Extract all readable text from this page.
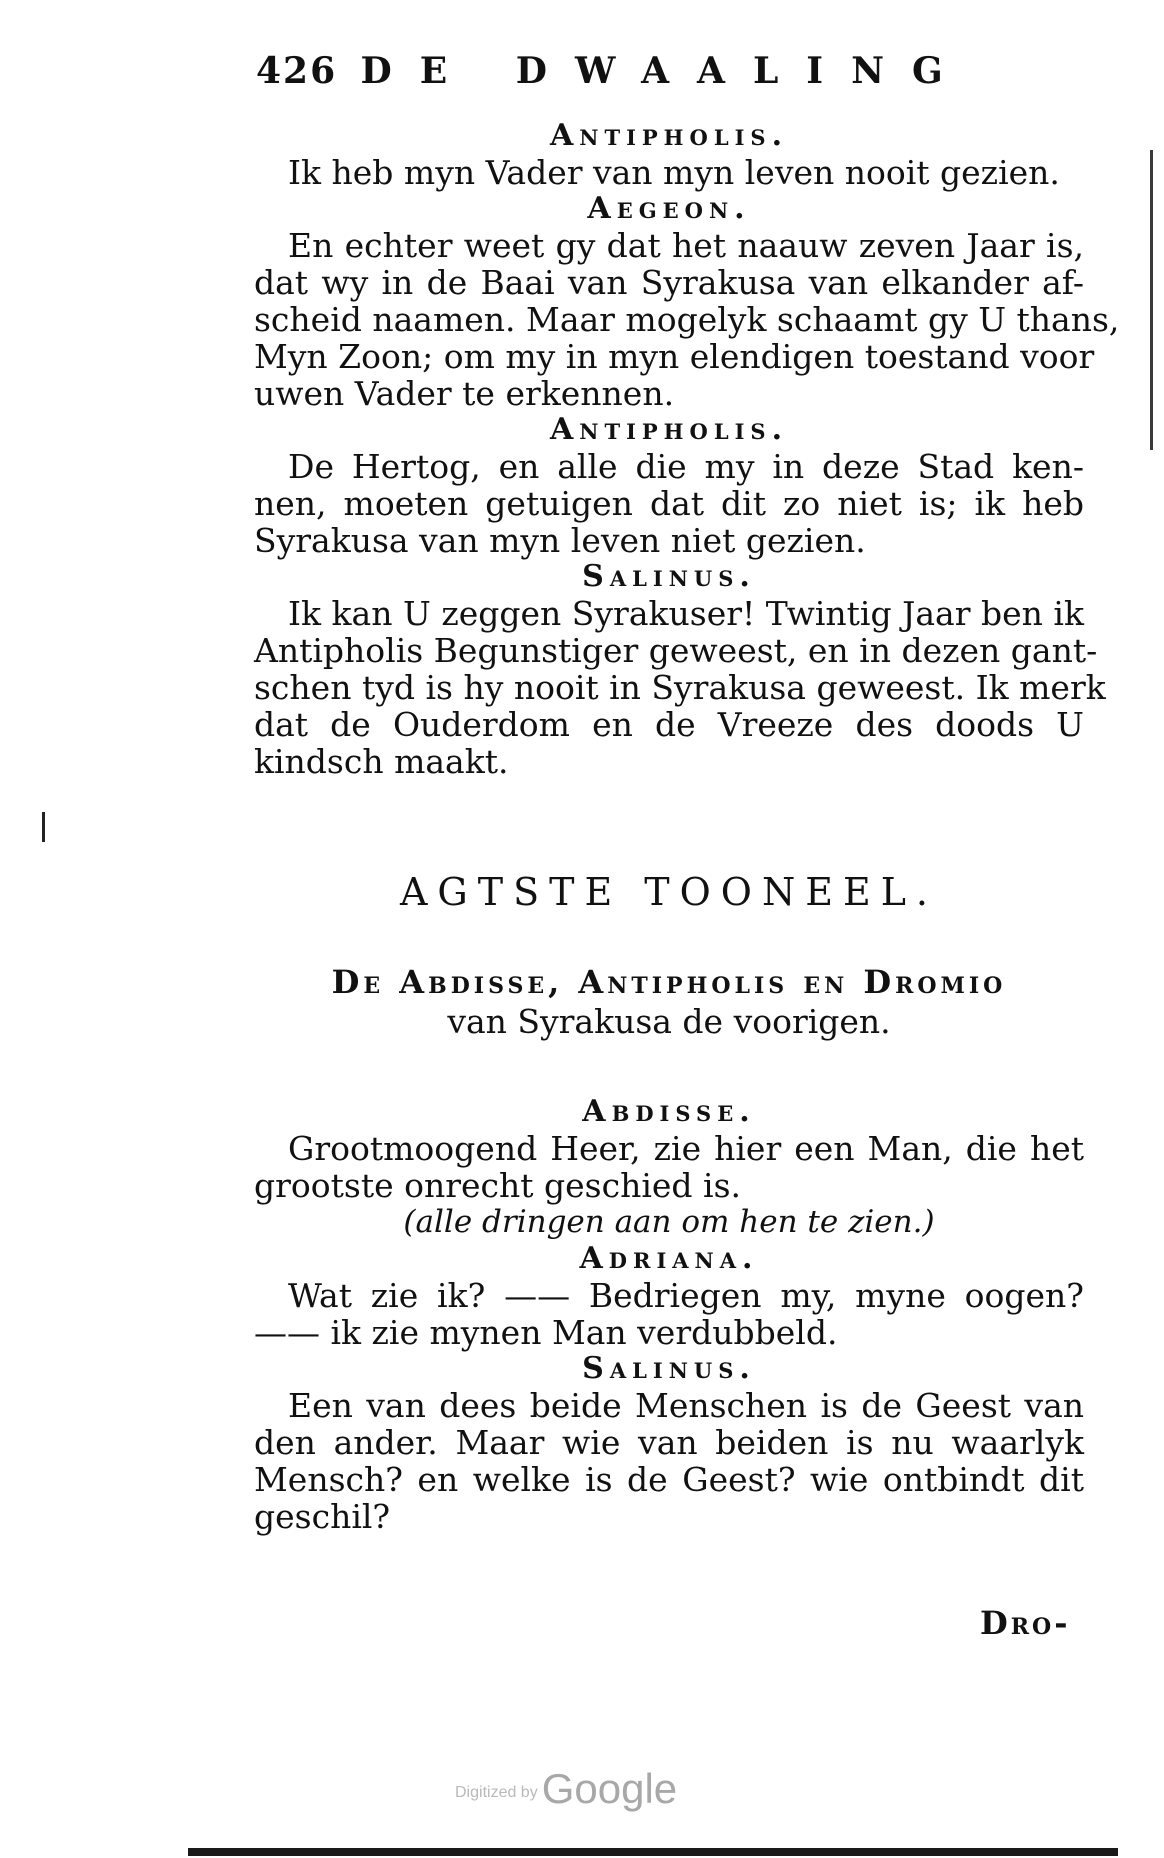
426 DE DWAALING

Antipholis.

Ik heb myn Vader van myn leven nooit gezien.

Aegeon.

En echter weet gy dat het naauw zeven Jaar is,

dat wy in de Baai van Syrakusa van elkander af-

scheid naamen. Maar mogelyk schaamt gy U thans,

Myn Zoon; om my in myn elendigen toestand voor

uwen Vader te erkennen.

Antipholis.

De Hertog, en alle die my in deze Stad ken-

nen, moeten getuigen dat dit zo niet is; ik heb

Syrakusa van myn leven niet gezien.

Salinus.

Ik kan U zeggen Syrakuser! Twintig Jaar ben ik

Antipholis Begunstiger geweest, en in dezen gant-

schen tyd is hy nooit in Syrakusa geweest. Ik merk

dat de Ouderdom en de Vreeze des doods U

kindsch maakt.

AGTSTE TOONEEL.

De Abdisse, Antipholis en Dromio
van Syrakusa de voorigen.

Abdisse.

Grootmoogend Heer, zie hier een Man, die het

grootste onrecht geschied is.

(alle dringen aan om hen te zien.)

Adriana.

Wat zie ik? —— Bedriegen my, myne oogen?

—— ik zie mynen Man verdubbeld.

Salinus.

Een van dees beide Menschen is de Geest van

den ander. Maar wie van beiden is nu waarlyk

Mensch? en welke is de Geest? wie ontbindt dit

geschil?

Dro-
Digitized byGoogle
